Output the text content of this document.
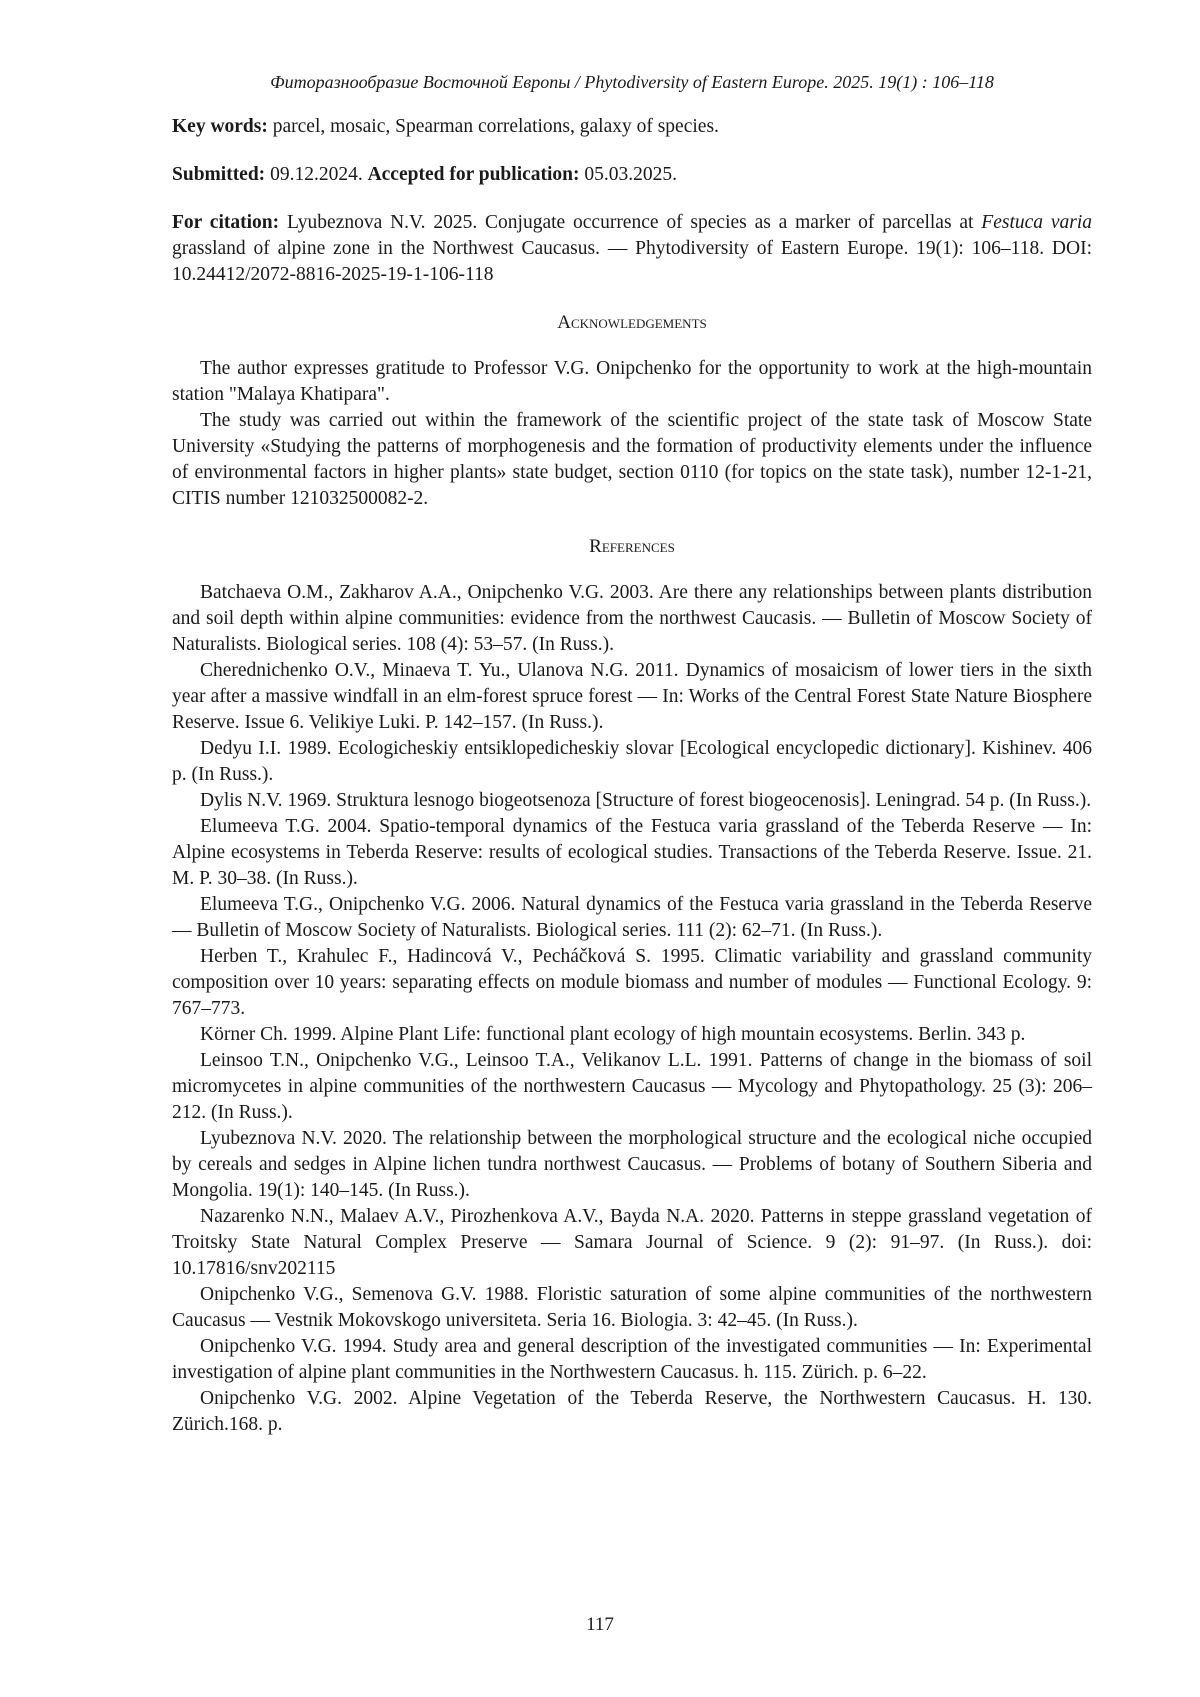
Фиторазнообразие Восточной Европы / Phytodiversity of Eastern Europe. 2025. 19(1) : 106–118

Key words: parcel, mosaic, Spearman correlations, galaxy of species.

Submitted: 09.12.2024. Accepted for publication: 05.03.2025.

For citation: Lyubeznova N.V. 2025. Conjugate occurrence of species as a marker of parcellas at Festuca varia grassland of alpine zone in the Northwest Caucasus. — Phytodiversity of Eastern Europe. 19(1): 106–118. DOI: 10.24412/2072-8816-2025-19-1-106-118

Acknowledgements

The author expresses gratitude to Professor V.G. Onipchenko for the opportunity to work at the high-mountain station "Malaya Khatipara".

The study was carried out within the framework of the scientific project of the state task of Moscow State University «Studying the patterns of morphogenesis and the formation of productivity elements under the influence of environmental factors in higher plants» state budget, section 0110 (for topics on the state task), number 12-1-21, CITIS number 121032500082-2.

References

Batchaeva O.M., Zakharov A.A., Onipchenko V.G. 2003. Are there any relationships between plants distribution and soil depth within alpine communities: evidence from the northwest Caucasis. — Bulletin of Moscow Society of Naturalists. Biological series. 108 (4): 53–57. (In Russ.).

Cherednichenko O.V., Minaeva T. Yu., Ulanova N.G. 2011. Dynamics of mosaicism of lower tiers in the sixth year after a massive windfall in an elm-forest spruce forest — In: Works of the Central Forest State Nature Biosphere Reserve. Issue 6. Velikiye Luki. P. 142–157. (In Russ.).

Dedyu I.I. 1989. Ecologicheskiy entsiklopedicheskiy slovar [Ecological encyclopedic dictionary]. Kishinev. 406 p. (In Russ.).

Dylis N.V. 1969. Struktura lesnogo biogeotsenoza [Structure of forest biogeocenosis]. Leningrad. 54 p. (In Russ.).

Elumeeva T.G. 2004. Spatio-temporal dynamics of the Festuca varia grassland of the Teberda Reserve — In: Alpine ecosystems in Teberda Reserve: results of ecological studies. Transactions of the Teberda Reserve. Issue. 21. M. P. 30–38. (In Russ.).

Elumeeva T.G., Onipchenko V.G. 2006. Natural dynamics of the Festuca varia grassland in the Teberda Reserve — Bulletin of Moscow Society of Naturalists. Biological series. 111 (2): 62–71. (In Russ.).

Herben T., Krahulec F., Hadincová V., Pecháčková S. 1995. Climatic variability and grassland community composition over 10 years: separating effects on module biomass and number of modules — Functional Ecology. 9: 767–773.

Körner Ch. 1999. Alpine Plant Life: functional plant ecology of high mountain ecosystems. Berlin. 343 p.

Leinsoo T.N., Onipchenko V.G., Leinsoo T.A., Velikanov L.L. 1991. Patterns of change in the biomass of soil micromycetes in alpine communities of the northwestern Caucasus — Mycology and Phytopathology. 25 (3): 206–212. (In Russ.).

Lyubeznova N.V. 2020. The relationship between the morphological structure and the ecological niche occupied by cereals and sedges in Alpine lichen tundra northwest Caucasus. — Problems of botany of Southern Siberia and Mongolia. 19(1): 140–145. (In Russ.).

Nazarenko N.N., Malaev A.V., Pirozhenkova A.V., Bayda N.A. 2020. Patterns in steppe grassland vegetation of Troitsky State Natural Complex Preserve — Samara Journal of Science. 9 (2): 91–97. (In Russ.). doi: 10.17816/snv202115

Onipchenko V.G., Semenova G.V. 1988. Floristic saturation of some alpine communities of the northwestern Caucasus — Vestnik Mokovskogo universiteta. Seria 16. Biologia. 3: 42–45. (In Russ.).

Onipchenko V.G. 1994. Study area and general description of the investigated communities — In: Experimental investigation of alpine plant communities in the Northwestern Caucasus. h. 115. Zürich. p. 6–22.

Onipchenko V.G. 2002. Alpine Vegetation of the Teberda Reserve, the Northwestern Caucasus. H. 130. Zürich.168. p.

117
